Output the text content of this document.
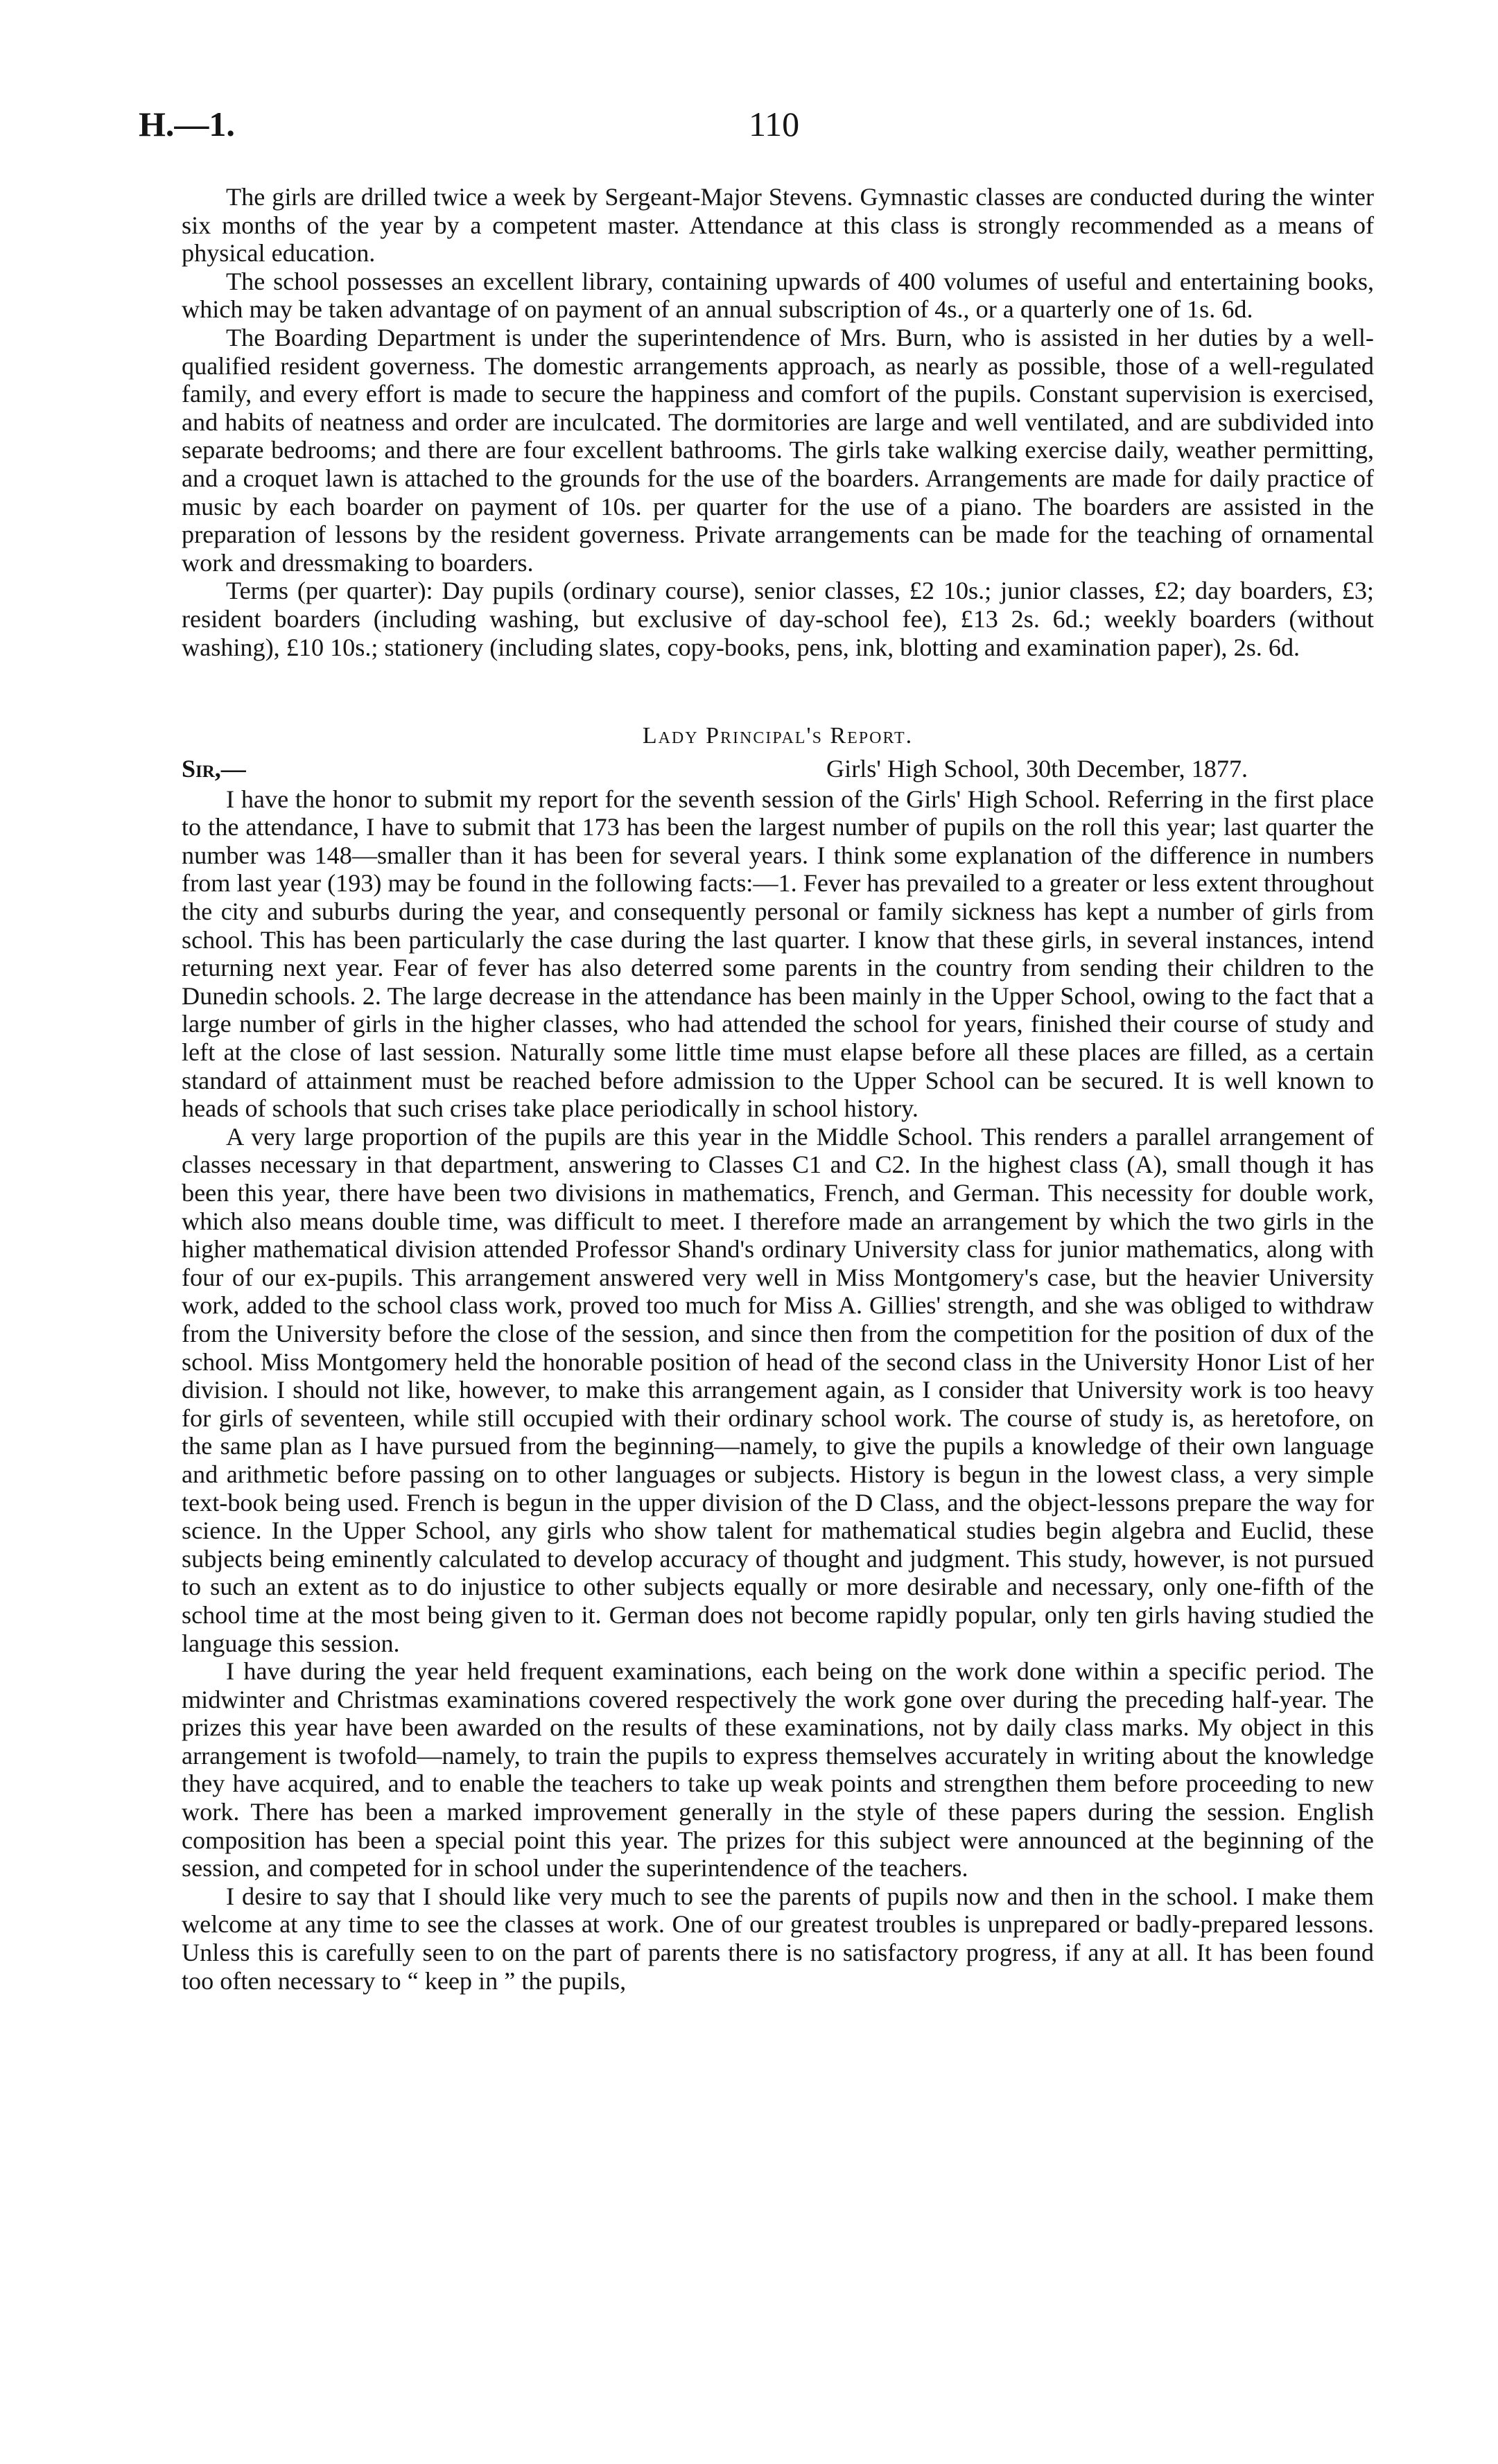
H.—1.	110

The girls are drilled twice a week by Sergeant-Major Stevens. Gymnastic classes are conducted during the winter six months of the year by a competent master. Attendance at this class is strongly recommended as a means of physical education.

The school possesses an excellent library, containing upwards of 400 volumes of useful and entertaining books, which may be taken advantage of on payment of an annual subscription of 4s., or a quarterly one of 1s. 6d.

The Boarding Department is under the superintendence of Mrs. Burn, who is assisted in her duties by a well-qualified resident governess. The domestic arrangements approach, as nearly as possible, those of a well-regulated family, and every effort is made to secure the happiness and comfort of the pupils. Constant supervision is exercised, and habits of neatness and order are inculcated. The dormitories are large and well ventilated, and are subdivided into separate bedrooms; and there are four excellent bathrooms. The girls take walking exercise daily, weather permitting, and a croquet lawn is attached to the grounds for the use of the boarders. Arrangements are made for daily practice of music by each boarder on payment of 10s. per quarter for the use of a piano. The boarders are assisted in the preparation of lessons by the resident governess. Private arrangements can be made for the teaching of ornamental work and dressmaking to boarders.

Terms (per quarter): Day pupils (ordinary course), senior classes, £2 10s.; junior classes, £2; day boarders, £3; resident boarders (including washing, but exclusive of day-school fee), £13 2s. 6d.; weekly boarders (without washing), £10 10s.; stationery (including slates, copy-books, pens, ink, blotting and examination paper), 2s. 6d.

Lady Principal's Report.
Sir,—	Girls' High School, 30th December, 1877.

I have the honor to submit my report for the seventh session of the Girls' High School. Referring in the first place to the attendance, I have to submit that 173 has been the largest number of pupils on the roll this year; last quarter the number was 148—smaller than it has been for several years. I think some explanation of the difference in numbers from last year (193) may be found in the following facts:—1. Fever has prevailed to a greater or less extent throughout the city and suburbs during the year, and consequently personal or family sickness has kept a number of girls from school. This has been particularly the case during the last quarter. I know that these girls, in several instances, intend returning next year. Fear of fever has also deterred some parents in the country from sending their children to the Dunedin schools. 2. The large decrease in the attendance has been mainly in the Upper School, owing to the fact that a large number of girls in the higher classes, who had attended the school for years, finished their course of study and left at the close of last session. Naturally some little time must elapse before all these places are filled, as a certain standard of attainment must be reached before admission to the Upper School can be secured. It is well known to heads of schools that such crises take place periodically in school history.

A very large proportion of the pupils are this year in the Middle School. This renders a parallel arrangement of classes necessary in that department, answering to Classes C1 and C2. In the highest class (A), small though it has been this year, there have been two divisions in mathematics, French, and German. This necessity for double work, which also means double time, was difficult to meet. I therefore made an arrangement by which the two girls in the higher mathematical division attended Professor Shand's ordinary University class for junior mathematics, along with four of our ex-pupils. This arrangement answered very well in Miss Montgomery's case, but the heavier University work, added to the school class work, proved too much for Miss A. Gillies' strength, and she was obliged to withdraw from the University before the close of the session, and since then from the competition for the position of dux of the school. Miss Montgomery held the honorable position of head of the second class in the University Honor List of her division. I should not like, however, to make this arrangement again, as I consider that University work is too heavy for girls of seventeen, while still occupied with their ordinary school work. The course of study is, as heretofore, on the same plan as I have pursued from the beginning—namely, to give the pupils a knowledge of their own language and arithmetic before passing on to other languages or subjects. History is begun in the lowest class, a very simple text-book being used. French is begun in the upper division of the D Class, and the object-lessons prepare the way for science. In the Upper School, any girls who show talent for mathematical studies begin algebra and Euclid, these subjects being eminently calculated to develop accuracy of thought and judgment. This study, however, is not pursued to such an extent as to do injustice to other subjects equally or more desirable and necessary, only one-fifth of the school time at the most being given to it. German does not become rapidly popular, only ten girls having studied the language this session.

I have during the year held frequent examinations, each being on the work done within a specific period. The midwinter and Christmas examinations covered respectively the work gone over during the preceding half-year. The prizes this year have been awarded on the results of these examinations, not by daily class marks. My object in this arrangement is twofold—namely, to train the pupils to express themselves accurately in writing about the knowledge they have acquired, and to enable the teachers to take up weak points and strengthen them before proceeding to new work. There has been a marked improvement generally in the style of these papers during the session. English composition has been a special point this year. The prizes for this subject were announced at the beginning of the session, and competed for in school under the superintendence of the teachers.

I desire to say that I should like very much to see the parents of pupils now and then in the school. I make them welcome at any time to see the classes at work. One of our greatest troubles is unprepared or badly-prepared lessons. Unless this is carefully seen to on the part of parents there is no satisfactory progress, if any at all. It has been found too often necessary to “ keep in ” the pupils,
